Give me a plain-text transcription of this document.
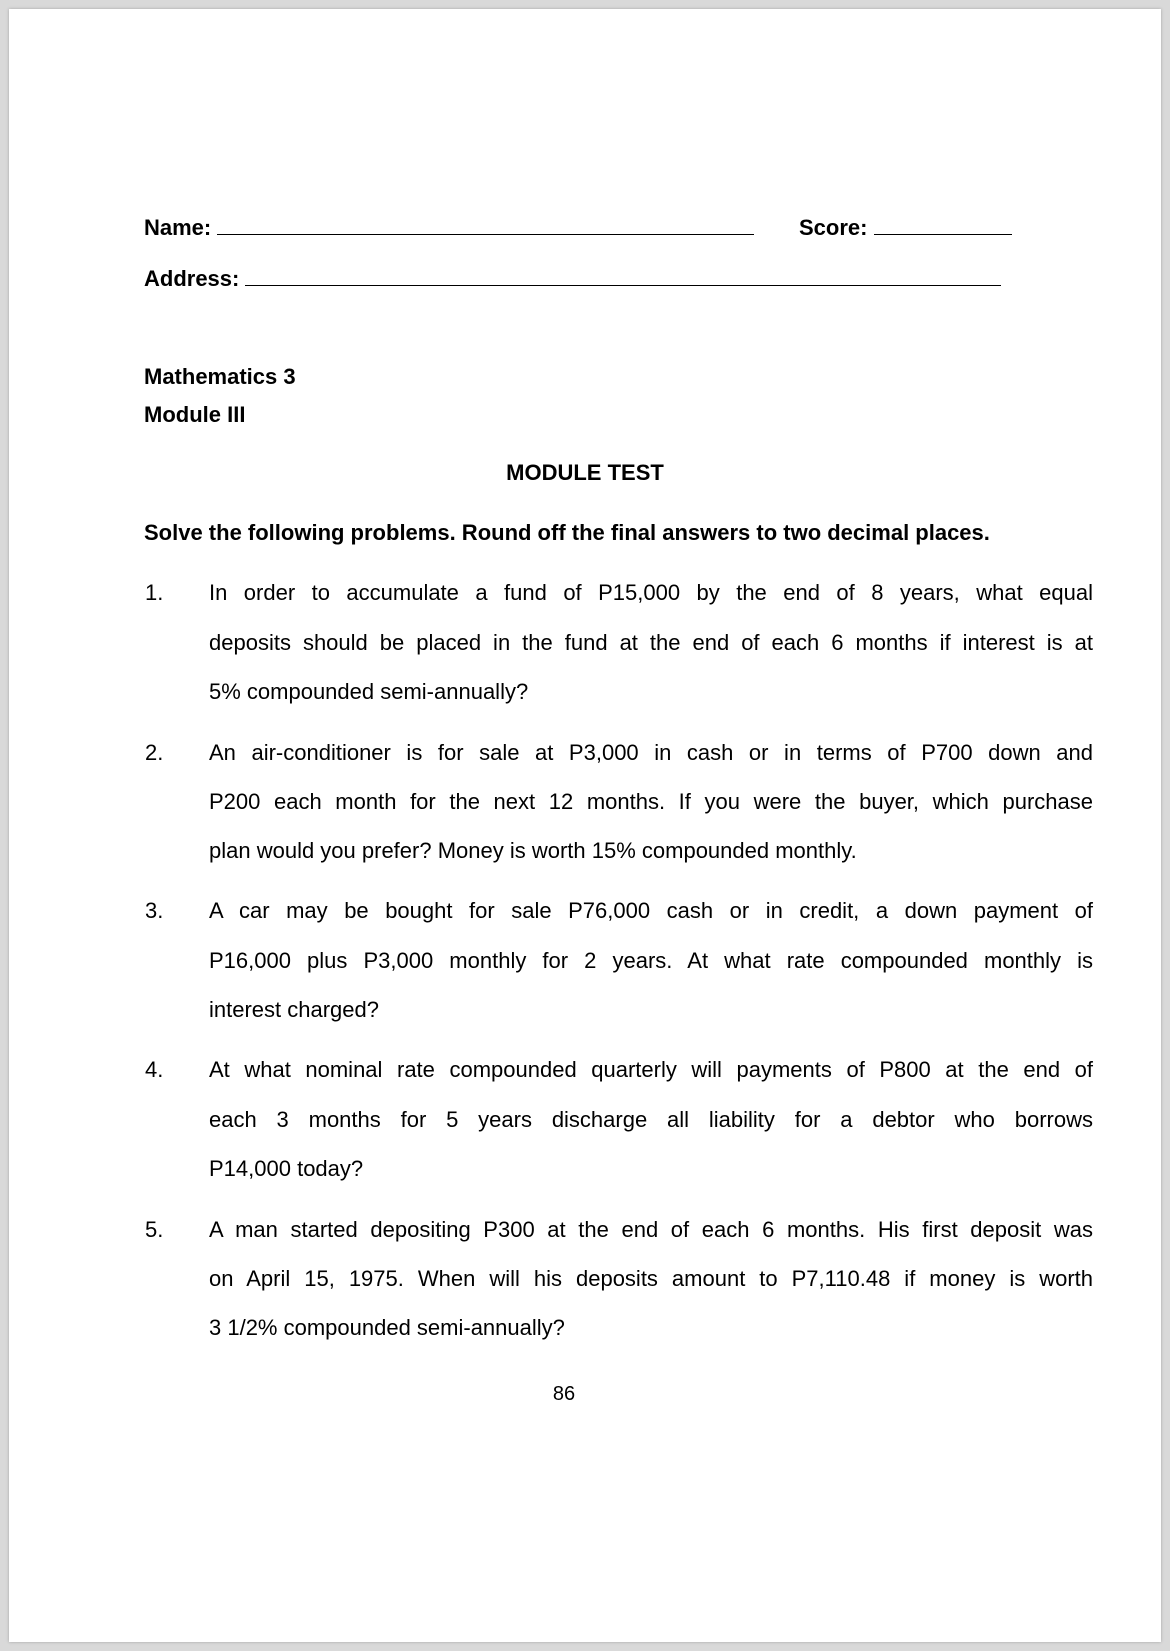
Name:	Score:
Address:
Mathematics 3
Module III
MODULE TEST
Solve the following problems. Round off the final answers to two decimal places.
1. In order to accumulate a fund of P15,000 by the end of 8 years, what equal
deposits should be placed in the fund at the end of each 6 months if interest is at
5% compounded semi-annually?
2. An air-conditioner is for sale at P3,000 in cash or in terms of P700 down and
P200 each month for the next 12 months. If you were the buyer, which purchase
plan would you prefer? Money is worth 15% compounded monthly.
3. A car may be bought for sale P76,000 cash or in credit, a down payment of
P16,000 plus P3,000 monthly for 2 years. At what rate compounded monthly is
interest charged?
4. At what nominal rate compounded quarterly will payments of P800 at the end of
each 3 months for 5 years discharge all liability for a debtor who borrows
P14,000 today?
5. A man started depositing P300 at the end of each 6 months. His first deposit was
on April 15, 1975. When will his deposits amount to P7,110.48 if money is worth
3 1/2% compounded semi-annually?
86
